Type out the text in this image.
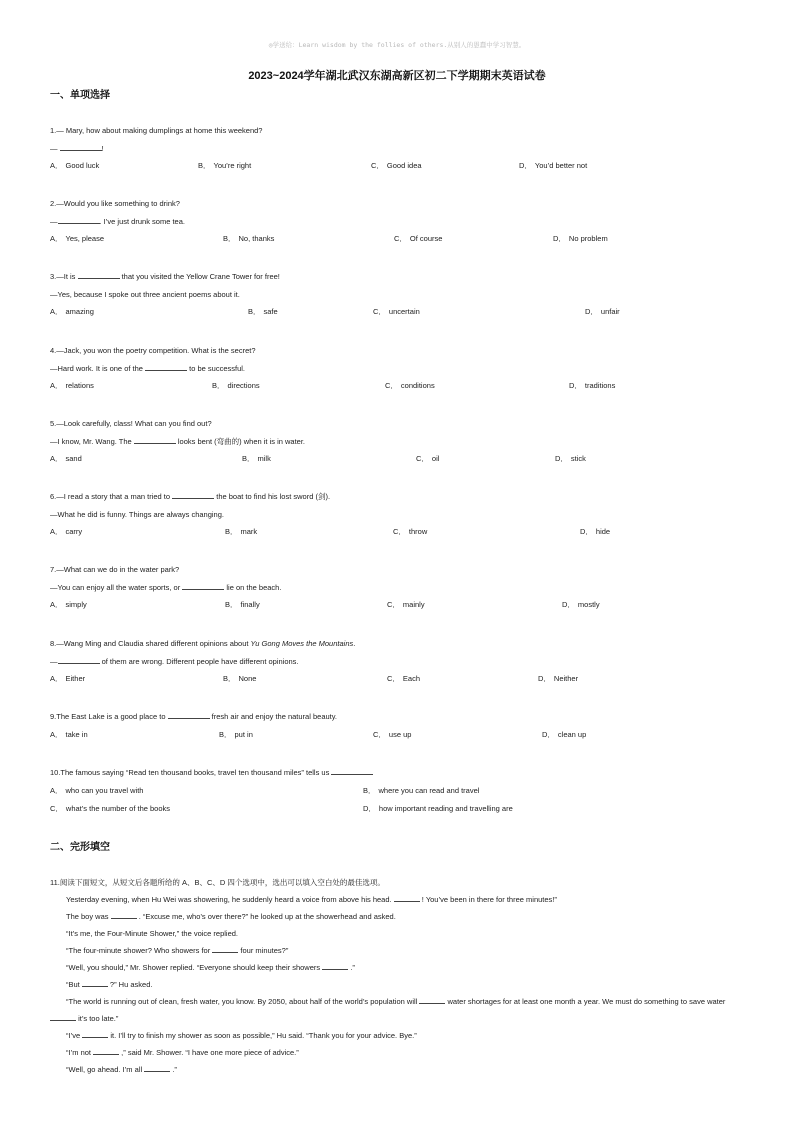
◎学送给：Learn wisdom by the follies of others.从别人的愚蠢中学习智慧。
2023~2024学年湖北武汉东湖高新区初二下学期期末英语试卷
一、单项选择
1.— Mary, how about making dumplings at home this weekend?
—	!
A． Good luck	B． You’re right	C． Good idea	D． You’d better not
2.—Would you like something to drink?
—	. I’ve just drunk some tea.
A． Yes, please	B． No, thanks	C． Of course	D． No problem
3.—It is	that you visited the Yellow Crane Tower for free!
—Yes, because I spoke out three ancient poems about it.
A． amazing	B． safe	C． uncertain	D． unfair
4.—Jack, you won the poetry competition. What is the secret?
—Hard work. It is one of the	to be successful.
A． relations	B． directions	C． conditions	D． traditions
5.—Look carefully, class! What can you find out?
—I know, Mr. Wang. The	looks bent (弯曲的) when it is in water.
A． sand	B． milk	C． oil	D． stick
6.—I read a story that a man tried to	the boat to find his lost sword (剑).
—What he did is funny. Things are always changing.
A． carry	B． mark	C． throw	D． hide
7.—What can we do in the water park?
—You can enjoy all the water sports, or	lie on the beach.
A． simply	B． finally	C． mainly	D． mostly
8.—Wang Ming and Claudia shared different opinions about Yu Gong Moves the Mountains.
—	of them are wrong. Different people have different opinions.
A． Either	B． None	C． Each	D． Neither
9.The East Lake is a good place to	fresh air and enjoy the natural beauty.
A． take in	B． put in	C． use up	D． clean up
10.The famous saying “Read ten thousand books, travel ten thousand miles” tells us
A． who can you travel with	B． where you can read and travel
C． what’s the number of the books	D． how important reading and travelling are
二、完形填空
11.阅读下面短文，从短文后各题所给的 A、B、C、D 四个选项中，选出可以填入空白处的最佳选项。
Yesterday evening, when Hu Wei was showering, he suddenly heard a voice from above his head.	! You’ve been in there for three minutes!”
The boy was	. “Excuse me, who’s over there?” he looked up at the showerhead and asked.
“It’s me, the Four-Minute Shower,” the voice replied.
“The four-minute shower? Who showers for	four minutes?”
“Well, you should,” Mr. Shower replied. “Everyone should keep their showers	.”
“But	?” Hu asked.
“The world is running out of clean, fresh water, you know. By 2050, about half of the world’s population will	water shortages for at least one month a year. We must do something to save water  it’s too late.”
“I’ve	it. I’ll try to finish my shower as soon as possible,” Hu said. “Thank you for your advice. Bye.”
“I’m not	,” said Mr. Shower. “I have one more piece of advice.”
“Well, go ahead. I’m all	.”
